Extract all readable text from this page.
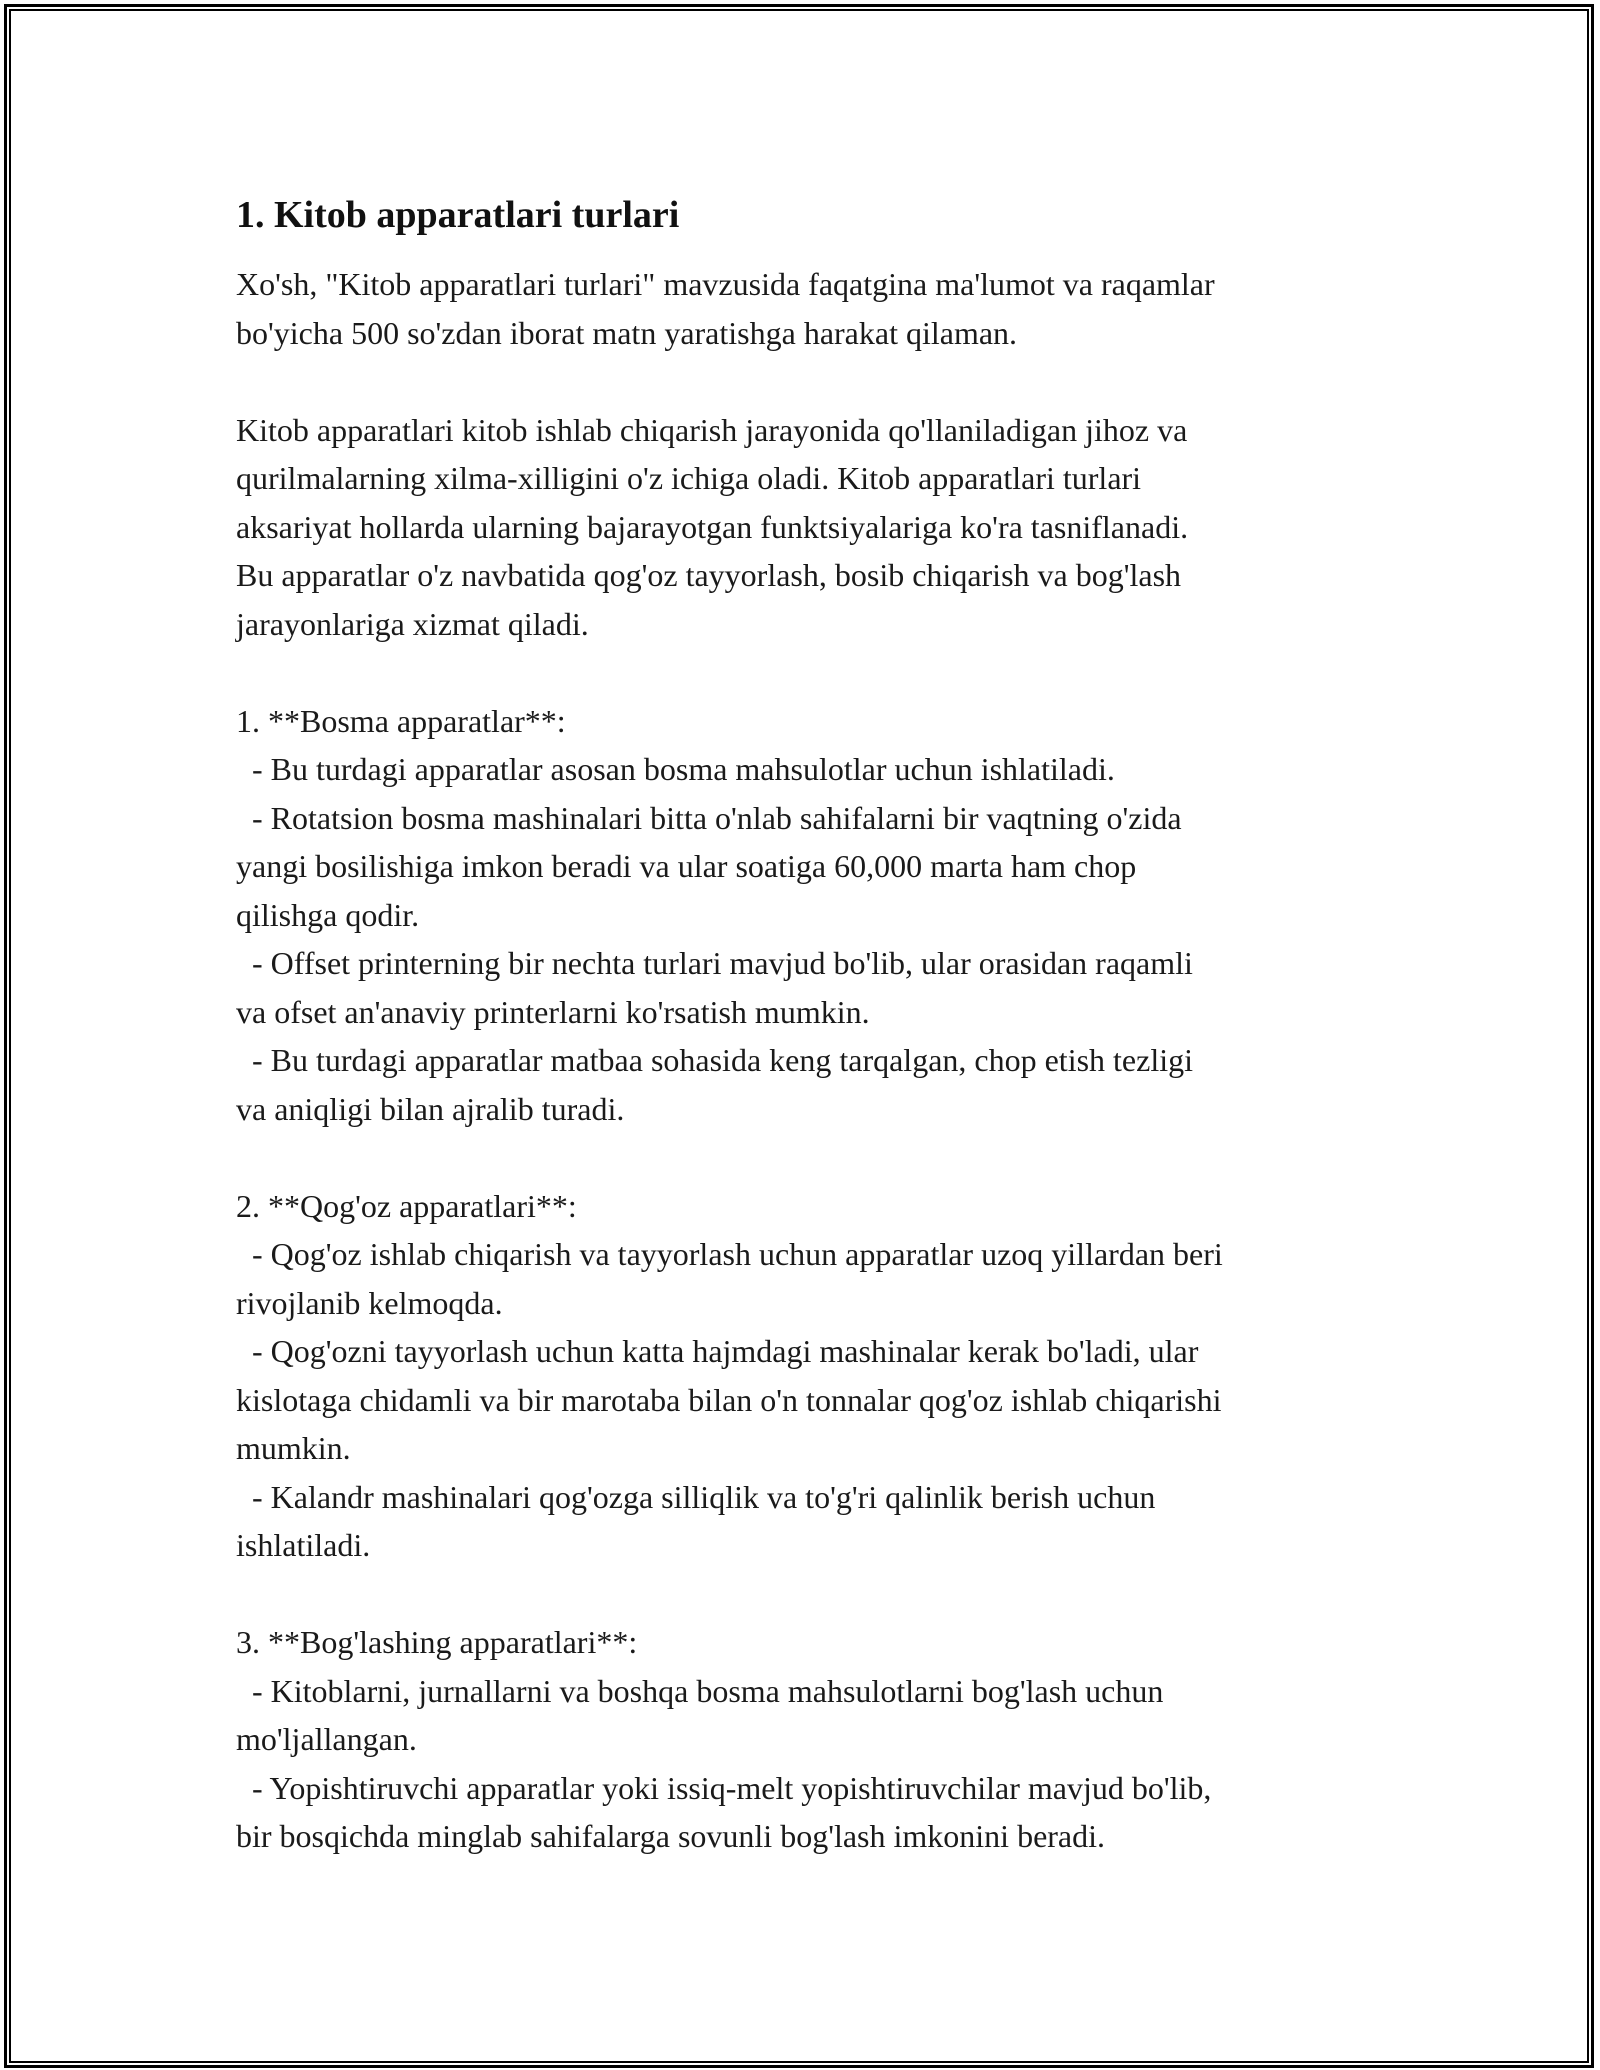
1. Kitob apparatlari turlari
Xo'sh, "Kitob apparatlari turlari" mavzusida faqatgina ma'lumot va raqamlar
bo'yicha 500 so'zdan iborat matn yaratishga harakat qilaman.
Kitob apparatlari kitob ishlab chiqarish jarayonida qo'llaniladigan jihoz va
qurilmalarning xilma-xilligini o'z ichiga oladi. Kitob apparatlari turlari
aksariyat hollarda ularning bajarayotgan funktsiyalariga ko'ra tasniflanadi.
Bu apparatlar o'z navbatida qog'oz tayyorlash, bosib chiqarish va bog'lash
jarayonlariga xizmat qiladi.
1. **Bosma apparatlar**:
- Bu turdagi apparatlar asosan bosma mahsulotlar uchun ishlatiladi.
- Rotatsion bosma mashinalari bitta o'nlab sahifalarni bir vaqtning o'zida
yangi bosilishiga imkon beradi va ular soatiga 60,000 marta ham chop
qilishga qodir.
- Offset printerning bir nechta turlari mavjud bo'lib, ular orasidan raqamli
va ofset an'anaviy printerlarni ko'rsatish mumkin.
- Bu turdagi apparatlar matbaa sohasida keng tarqalgan, chop etish tezligi
va aniqligi bilan ajralib turadi.
2. **Qog'oz apparatlari**:
- Qog'oz ishlab chiqarish va tayyorlash uchun apparatlar uzoq yillardan beri
rivojlanib kelmoqda.
- Qog'ozni tayyorlash uchun katta hajmdagi mashinalar kerak bo'ladi, ular
kislotaga chidamli va bir marotaba bilan o'n tonnalar qog'oz ishlab chiqarishi
mumkin.
- Kalandr mashinalari qog'ozga silliqlik va to'g'ri qalinlik berish uchun
ishlatiladi.
3. **Bog'lashing apparatlari**:
- Kitoblarni, jurnallarni va boshqa bosma mahsulotlarni bog'lash uchun
mo'ljallangan.
- Yopishtiruvchi apparatlar yoki issiq-melt yopishtiruvchilar mavjud bo'lib,
bir bosqichda minglab sahifalarga sovunli bog'lash imkonini beradi.
